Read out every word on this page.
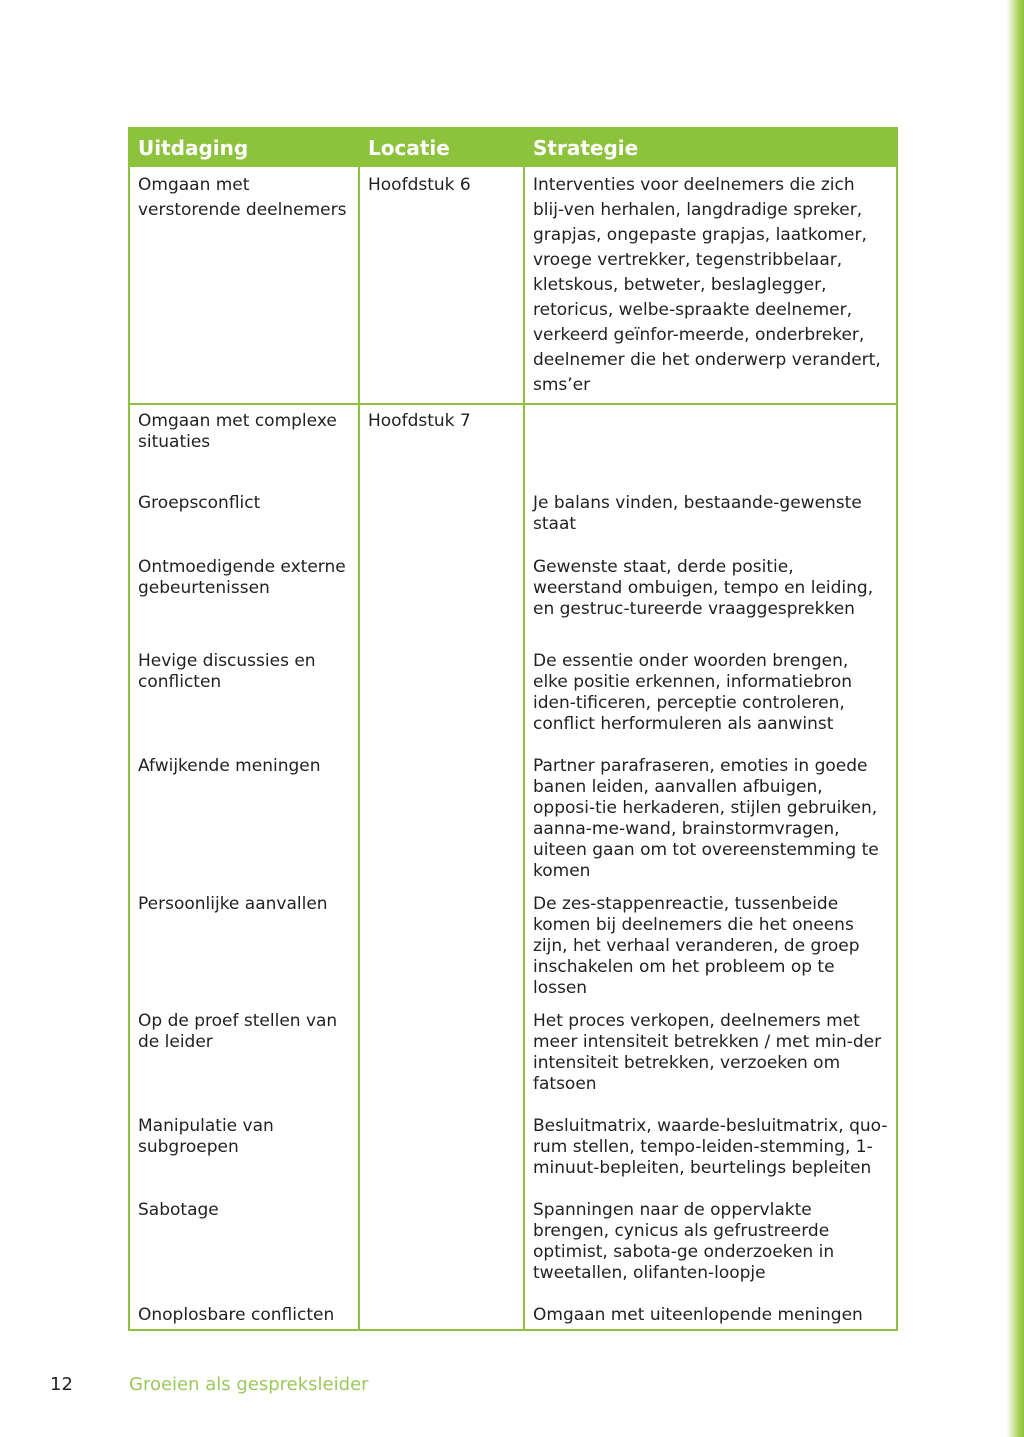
Uitdaging	Locatie	Strategie
Omgaan met verstorende deelnemers	Hoofdstuk 6	Interventies voor deelnemers die zich blij-ven herhalen, langdradige spreker, grapjas, ongepaste grapjas, laatkomer, vroege vertrekker, tegenstribbelaar, kletskous, betweter, beslaglegger, retoricus, welbe-spraakte deelnemer, verkeerd geïnfor-meerde, onderbreker, deelnemer die het onderwerp verandert, sms’er
Omgaan met complexe situaties	Hoofdstuk 7	
Groepsconflict		Je balans vinden, bestaande-gewenste staat
Ontmoedigende externe gebeurtenissen		Gewenste staat, derde positie, weerstand ombuigen, tempo en leiding, en gestruc-tureerde vraaggesprekken
Hevige discussies en conflicten		De essentie onder woorden brengen, elke positie erkennen, informatiebron iden-tificeren, perceptie controleren, conflict herformuleren als aanwinst
Afwijkende meningen		Partner parafraseren, emoties in goede banen leiden, aanvallen afbuigen, opposi-tie herkaderen, stijlen gebruiken, aanna-me-wand, brainstormvragen, uiteen gaan om tot overeenstemming te komen
Persoonlijke aanvallen		De zes-stappenreactie, tussenbeide komen bij deelnemers die het oneens zijn, het verhaal veranderen, de groep inschakelen om het probleem op te lossen
Op de proef stellen van de leider		Het proces verkopen, deelnemers met meer intensiteit betrekken / met min-der intensiteit betrekken, verzoeken om fatsoen
Manipulatie van subgroepen		Besluitmatrix, waarde-besluitmatrix, quo-rum stellen, tempo-leiden-stemming, 1-minuut-bepleiten, beurtelings bepleiten
Sabotage		Spanningen naar de oppervlakte brengen, cynicus als gefrustreerde optimist, sabota-ge onderzoeken in tweetallen, olifanten-loopje
Onoplosbare conflicten		Omgaan met uiteenlopende meningen
12	Groeien als gespreksleider
